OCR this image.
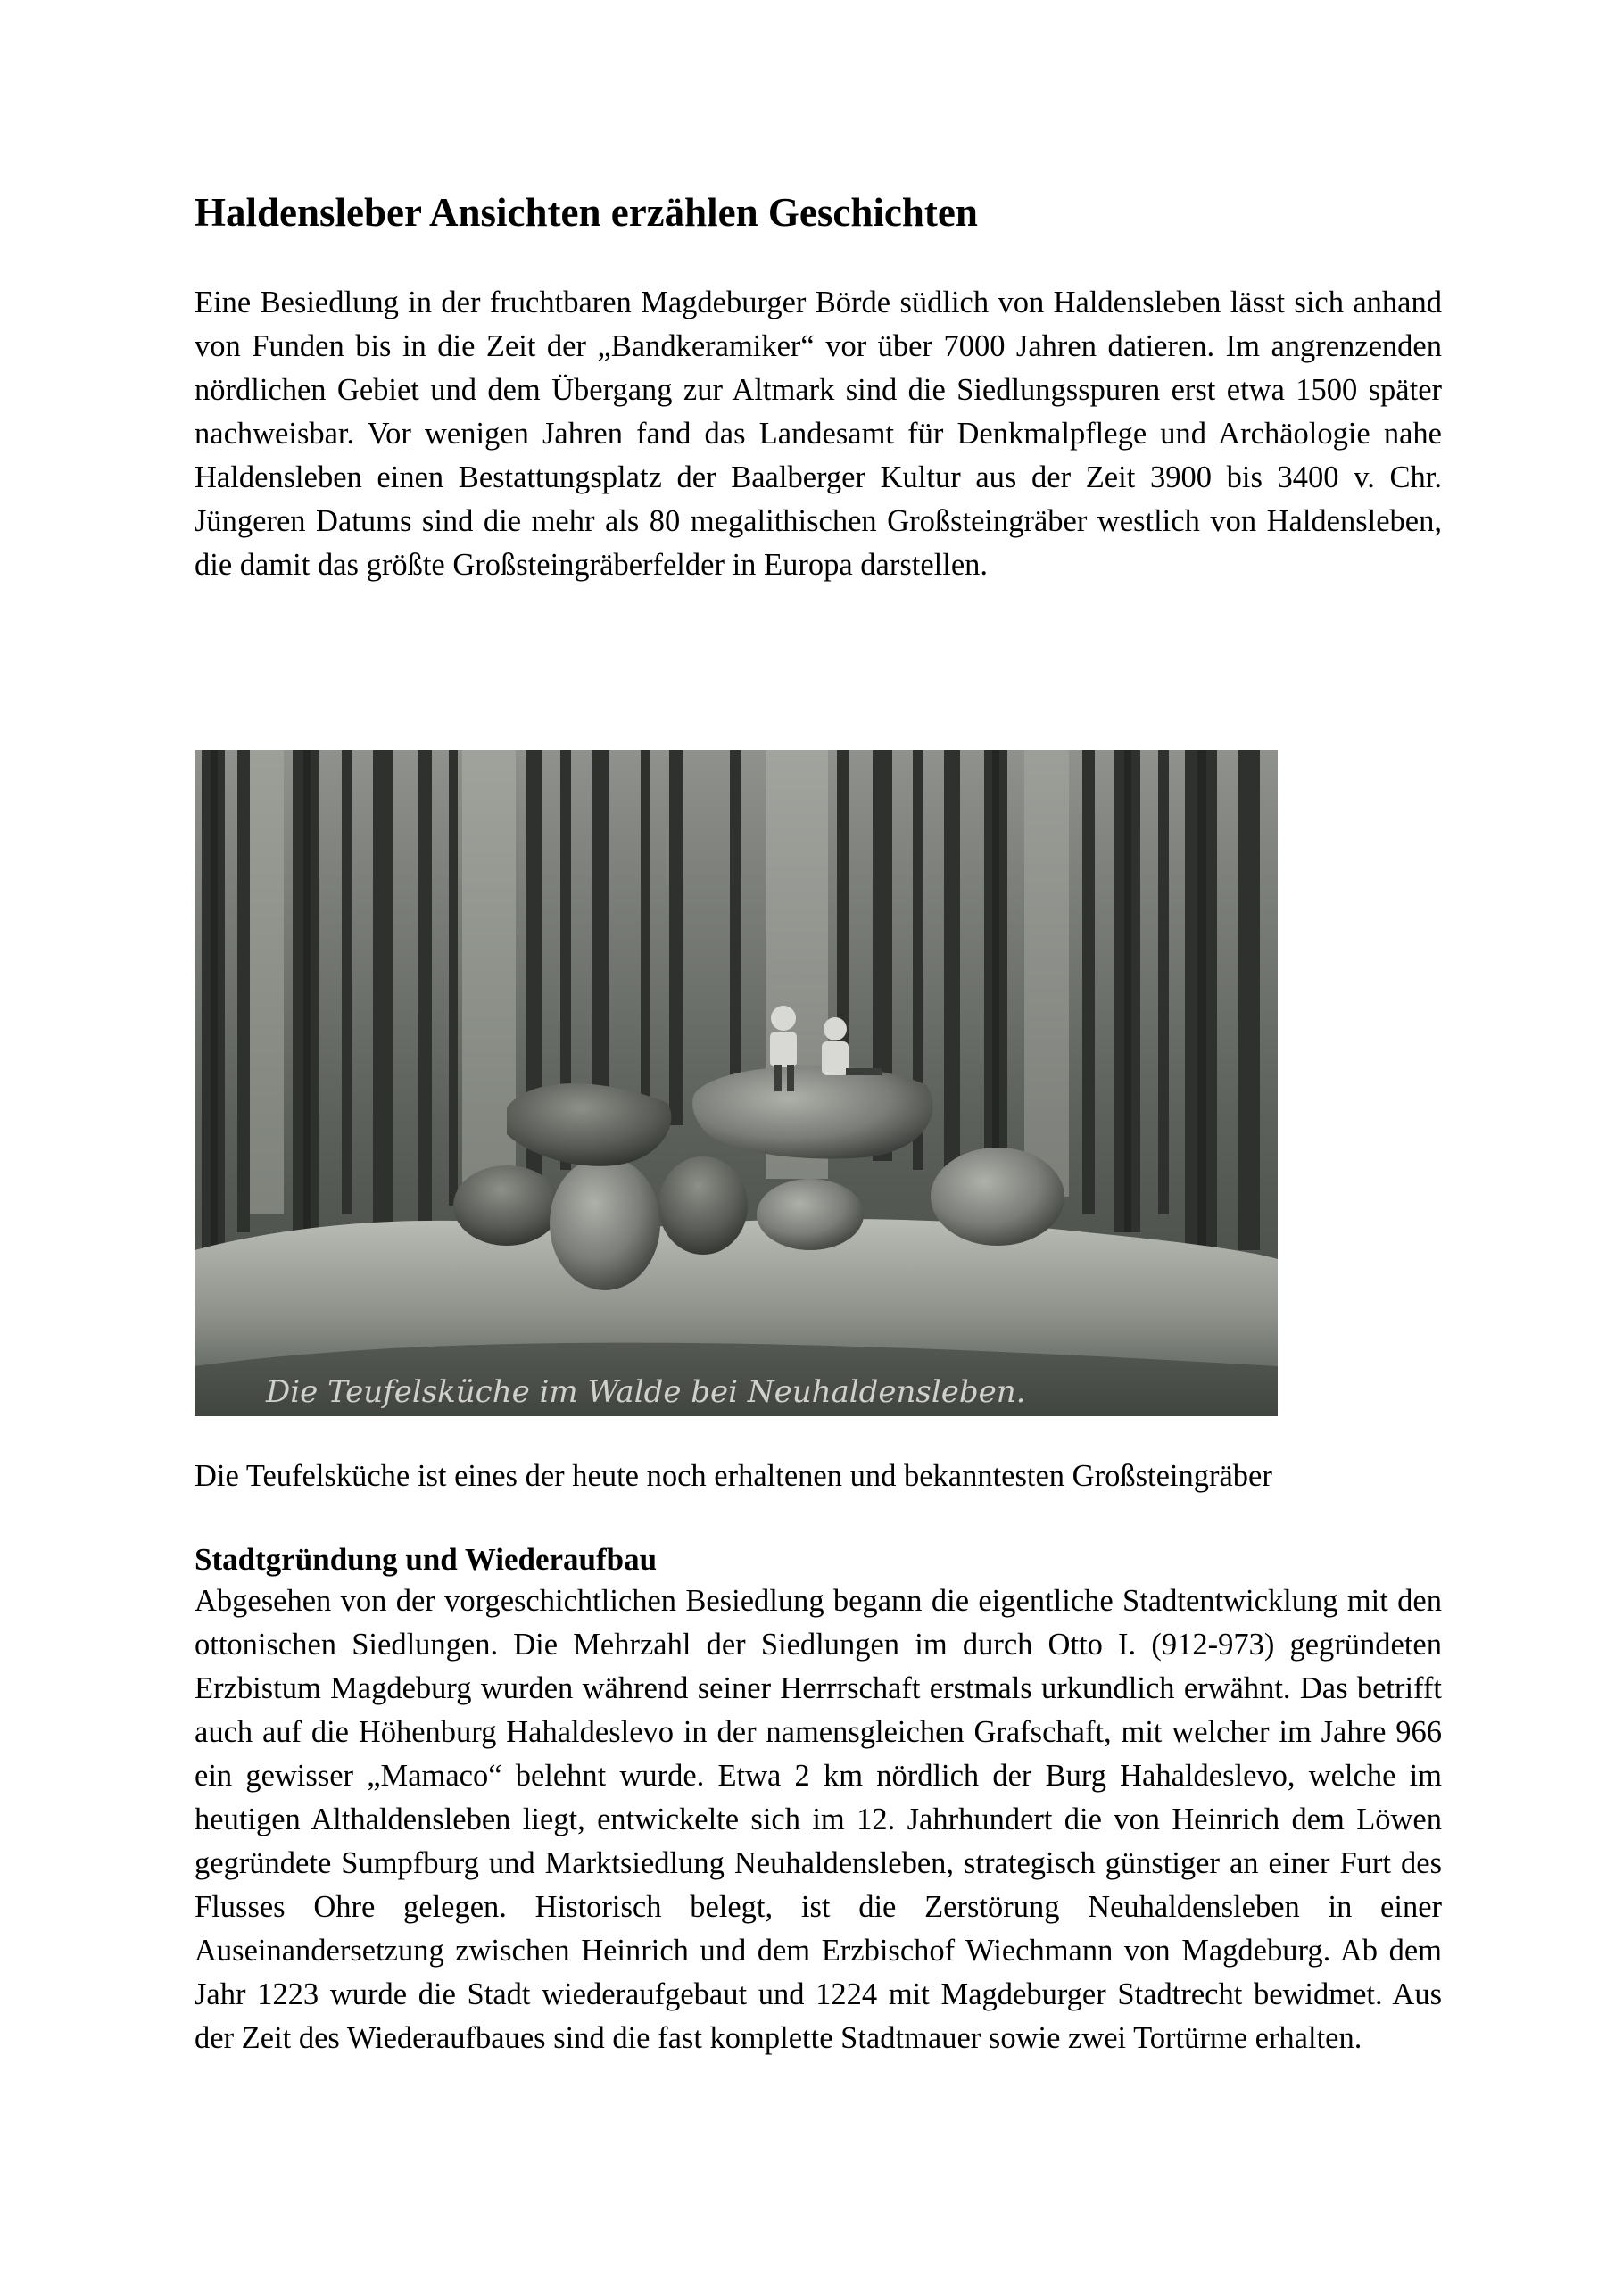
Haldensleber Ansichten erzählen Geschichten

Eine Besiedlung in der fruchtbaren Magdeburger Börde südlich von Haldensleben lässt sich anhand von Funden bis in die Zeit der „Bandkeramiker“ vor über 7000 Jahren datieren. Im angrenzenden nördlichen Gebiet und dem Übergang zur Altmark sind die Siedlungsspuren erst etwa 1500 später nachweisbar. Vor wenigen Jahren fand das Landesamt für Denkmalpflege und Archäologie nahe Haldensleben einen Bestattungsplatz der Baalberger Kultur aus der Zeit 3900 bis 3400 v. Chr. Jüngeren Datums sind die mehr als 80 megalithischen Großsteingräber westlich von Haldensleben, die damit das größte Großsteingräberfelder in Europa darstellen.

Die Teufelsküche im Walde bei Neuhaldensleben.

Die Teufelsküche ist eines der heute noch erhaltenen und bekanntesten Großsteingräber

Stadtgründung und Wiederaufbau

Abgesehen von der vorgeschichtlichen Besiedlung begann die eigentliche Stadtentwicklung mit den ottonischen Siedlungen. Die Mehrzahl der Siedlungen im durch Otto I. (912-973) gegründeten Erzbistum Magdeburg wurden während seiner Herrrschaft erstmals urkundlich erwähnt. Das betrifft auch auf die Höhenburg Hahaldeslevo in der namensgleichen Grafschaft, mit welcher im Jahre 966 ein gewisser „Mamaco“ belehnt wurde. Etwa 2 km nördlich der Burg Hahaldeslevo, welche im heutigen Althaldensleben liegt, entwickelte sich im 12. Jahrhundert die von Heinrich dem Löwen gegründete Sumpfburg und Marktsiedlung Neuhaldensleben, strategisch günstiger an einer Furt des Flusses Ohre gelegen. Historisch belegt, ist die Zerstörung Neuhaldensleben in einer Auseinandersetzung zwischen Heinrich und dem Erzbischof Wiechmann von Magdeburg. Ab dem Jahr 1223 wurde die Stadt wiederaufgebaut und 1224 mit Magdeburger Stadtrecht bewidmet. Aus der Zeit des Wiederaufbaues sind die fast komplette Stadtmauer sowie zwei Tortürme erhalten.
